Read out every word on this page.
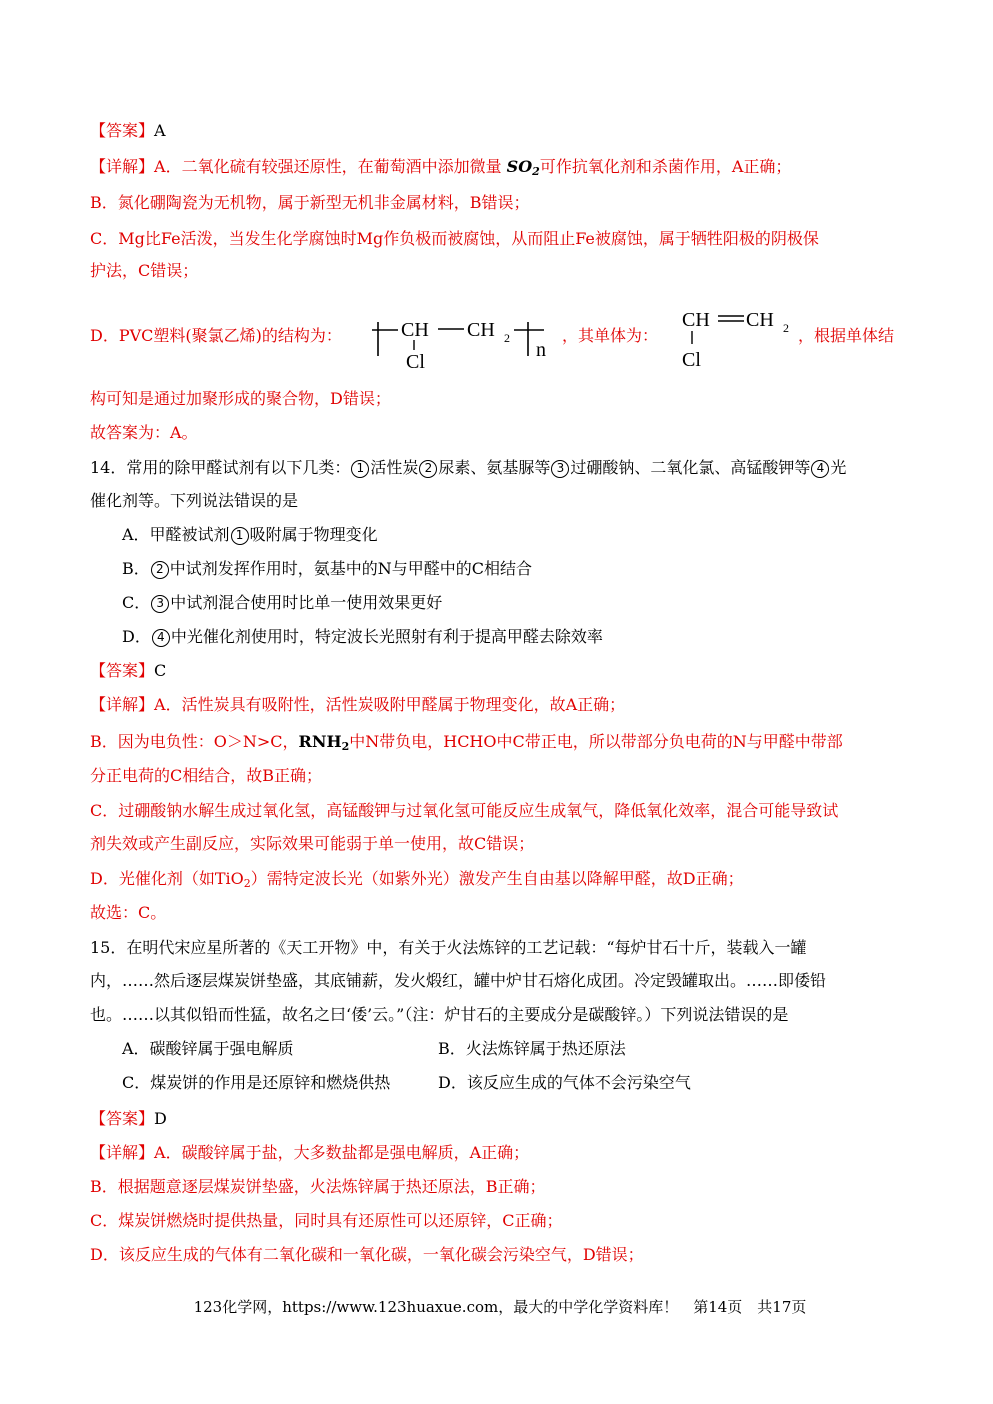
【答案】A
【详解】A．二氧化硫有较强还原性，在葡萄酒中添加微量 $SO_2$可作抗氧化剂和杀菌作用，A正确；
B．氮化硼陶瓷为无机物，属于新型无机非金属材料，B错误；
C．Mg比Fe活泼，当发生化学腐蚀时Mg作负极而被腐蚀，从而阻止Fe被腐蚀，属于牺牲阳极的阴极保
护法，C错误；
D．PVC塑料(聚氯乙烯)的结构为：	CH CH 2
Cl
n
，其单体为：
CH CH 2
Cl
，根据单体结
构可知是通过加聚形成的聚合物，D错误；
故答案为：A。
14．常用的除甲醛试剂有以下几类： 1 活性炭 2 尿素、氨基脲等 3 过硼酸钠、二氧化氯、高锰酸钾等 4 光
催化剂等。下列说法错误的是
A．甲醛被试剂 1 吸附属于物理变化
B． 2 中试剂发挥作用时，氨基中的N与甲醛中的C相结合
C． 3 中试剂混合使用时比单一使用效果更好
D． 4 中光催化剂使用时，特定波长光照射有利于提高甲醛去除效率
【答案】C
【详解】A．活性炭具有吸附性，活性炭吸附甲醛属于物理变化，故A正确；
B．因为电负性：O＞N>C，$RNH_2$中N带负电，HCHO中C带正电，所以带部分负电荷的N与甲醛中带部
分正电荷的C相结合，故B正确；
C．过硼酸钠水解生成过氧化氢，高锰酸钾与过氧化氢可能反应生成氧气，降低氧化效率，混合可能导致试
剂失效或产生副反应，实际效果可能弱于单一使用，故C错误；
D．光催化剂（如TiO$_2$）需特定波长光（如紫外光）激发产生自由基以降解甲醛，故D正确；
故选：C。
15．在明代宋应星所著的《天工开物》中，有关于火法炼锌的工艺记载：“每炉甘石十斤，装载入一罐
内，……然后逐层煤炭饼垫盛，其底铺薪，发火煅红，罐中炉甘石熔化成团。冷定毁罐取出。……即倭铅
也。……以其似铅而性猛，故名之曰‘倭’云。”（注：炉甘石的主要成分是碳酸锌。）下列说法错误的是
A．碳酸锌属于强电解质	B．火法炼锌属于热还原法
C．煤炭饼的作用是还原锌和燃烧供热	D．该反应生成的气体不会污染空气
【答案】D
【详解】A．碳酸锌属于盐，大多数盐都是强电解质，A正确；
B．根据题意逐层煤炭饼垫盛，火法炼锌属于热还原法，B正确；
C．煤炭饼燃烧时提供热量，同时具有还原性可以还原锌，C正确；
D．该反应生成的气体有二氧化碳和一氧化碳，一氧化碳会污染空气，D错误；
123化学网，https://www.123huaxue.com，最大的中学化学资料库！　第14页　共17页
